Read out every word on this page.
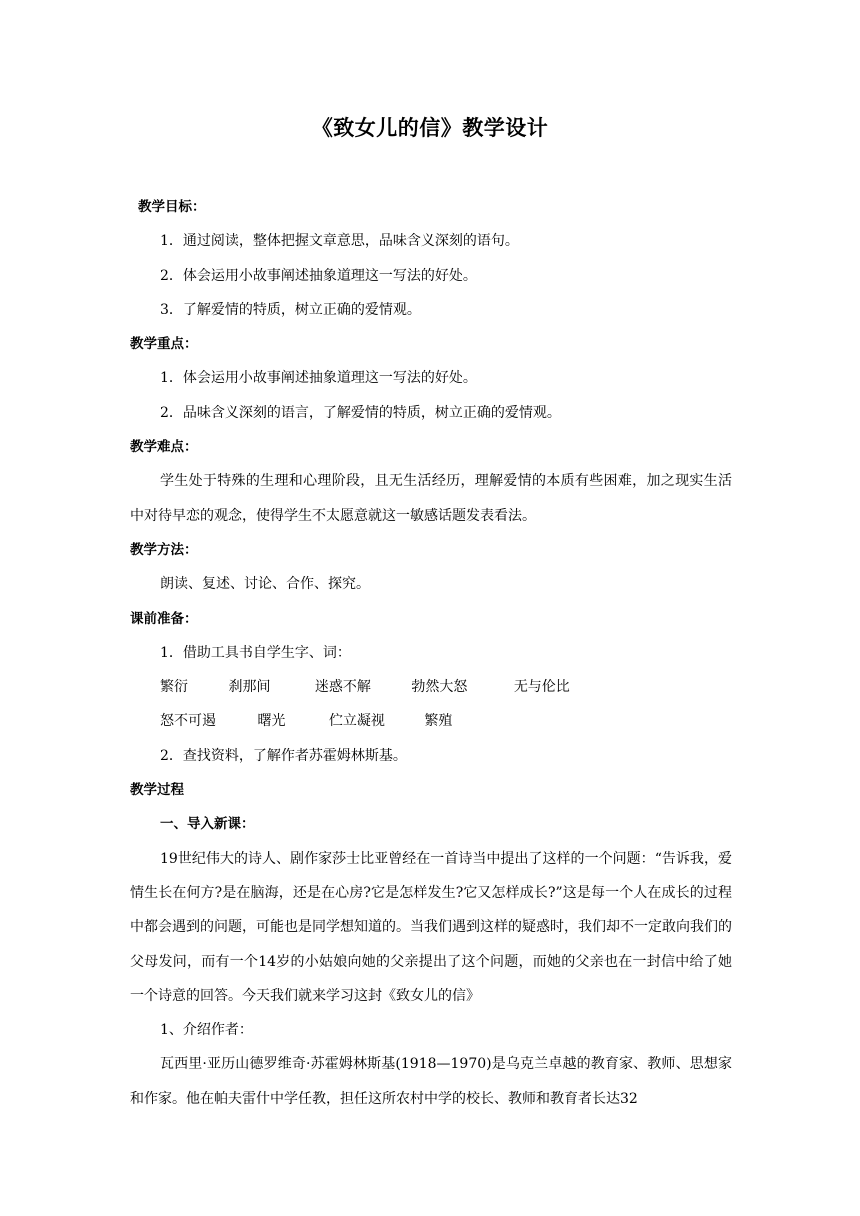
《致女儿的信》教学设计
教学目标：
1．通过阅读，整体把握文章意思，品味含义深刻的语句。
2．体会运用小故事阐述抽象道理这一写法的好处。
3．了解爱情的特质，树立正确的爱情观。
教学重点：
1．体会运用小故事阐述抽象道理这一写法的好处。
2．品味含义深刻的语言，了解爱情的特质，树立正确的爱情观。
教学难点：
学生处于特殊的生理和心理阶段，且无生活经历，理解爱情的本质有些困难，加之现实生活中对待早恋的观念，使得学生不太愿意就这一敏感话题发表看法。
教学方法：
朗读、复述、讨论、合作、探究。
课前准备：
1．借助工具书自学生字、词：
繁衍	刹那间	迷惑不解	勃然大怒	无与伦比
怒不可遏	曙光	伫立凝视	繁殖
2．查找资料，了解作者苏霍姆林斯基。
教学过程
一、导入新课：
19世纪伟大的诗人、剧作家莎士比亚曾经在一首诗当中提出了这样的一个问题：“告诉我，爱情生长在何方?是在脑海，还是在心房?它是怎样发生?它又怎样成长?”这是每一个人在成长的过程中都会遇到的问题，可能也是同学想知道的。当我们遇到这样的疑惑时，我们却不一定敢向我们的父母发问，而有一个14岁的小姑娘向她的父亲提出了这个问题，而她的父亲也在一封信中给了她一个诗意的回答。今天我们就来学习这封《致女儿的信》
1、介绍作者：
瓦西里·亚历山德罗维奇·苏霍姆林斯基(1918—1970)是乌克兰卓越的教育家、教师、思想家和作家。他在帕夫雷什中学任教，担任这所农村中学的校长、教师和教育者长达32
